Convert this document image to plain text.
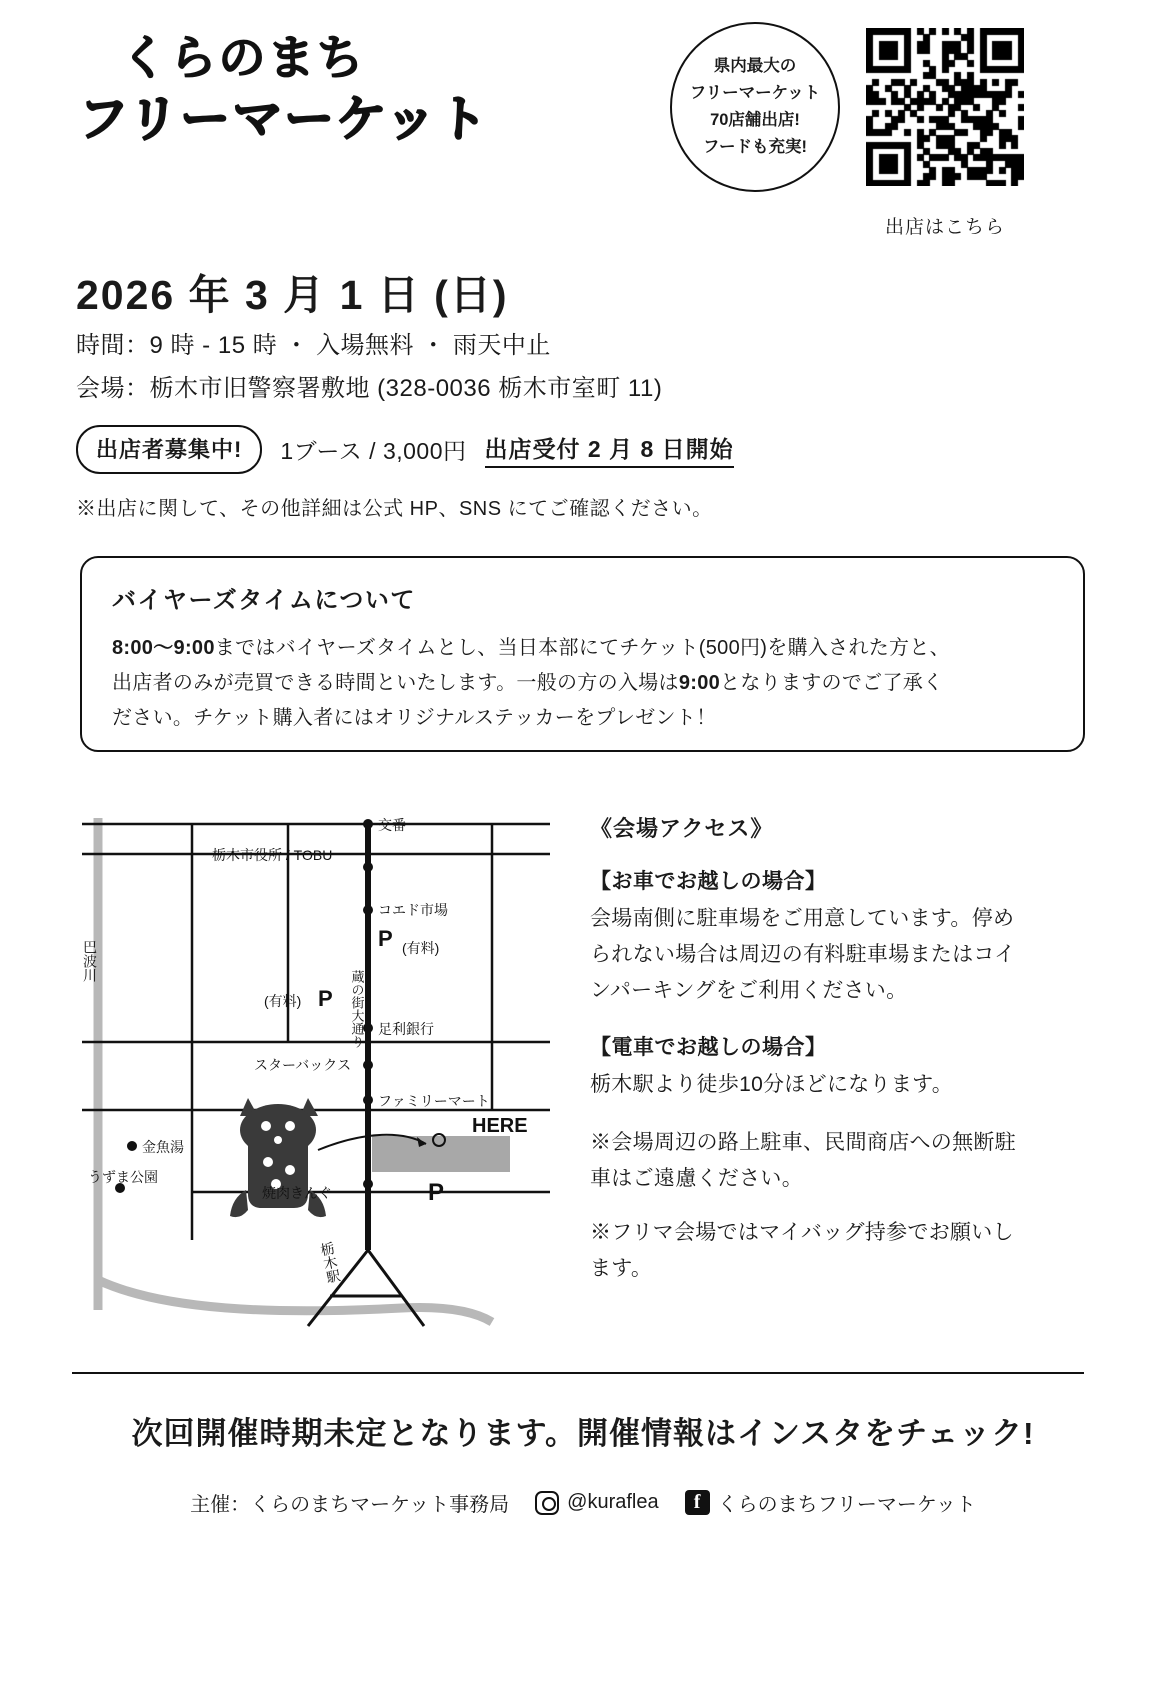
くらのまち
フリーマーケット
県内最大の
フリーマーケット
70店舗出店!
フードも充実!
出店はこちら
2026 年 3 月 1 日 (日)
時間：9 時 - 15 時 ・ 入場無料 ・ 雨天中止
会場：栃木市旧警察署敷地 (328-0036 栃木市室町 11)
出店者募集中!	1ブース / 3,000円 出店受付 2 月 8 日開始
※出店に関して、その他詳細は公式 HP、SNS にてご確認ください。
バイヤーズタイムについて
8:00〜9:00まではバイヤーズタイムとし、当日本部にてチケット(500円)を購入された方と、
出店者のみが売買できる時間といたします。一般の方の入場は9:00となりますのでご了承く
ださい。チケット購入者にはオリジナルステッカーをプレゼント！
HERE
交番
栃木市役所 / TOBU
コエド市場
(有料)
P
P
(有料)
足利銀行
スターバックス
ファミリーマート
金魚湯
うずま公園
焼肉きんぐ	P
巴波川
栃木駅
蔵の街大通り
《会場アクセス》
【お車でお越しの場合】
会場南側に駐車場をご用意しています。停められない場合は周辺の有料駐車場またはコインパーキングをご利用ください。
【電車でお越しの場合】
栃木駅より徒歩10分ほどになります。
※会場周辺の路上駐車、民間商店への無断駐車はご遠慮ください。
※フリマ会場ではマイバッグ持参でお願いします。
次回開催時期未定となります。開催情報はインスタをチェック!
主催：くらのまちマーケット事務局	@kuraflea	f くらのまちフリーマーケット
